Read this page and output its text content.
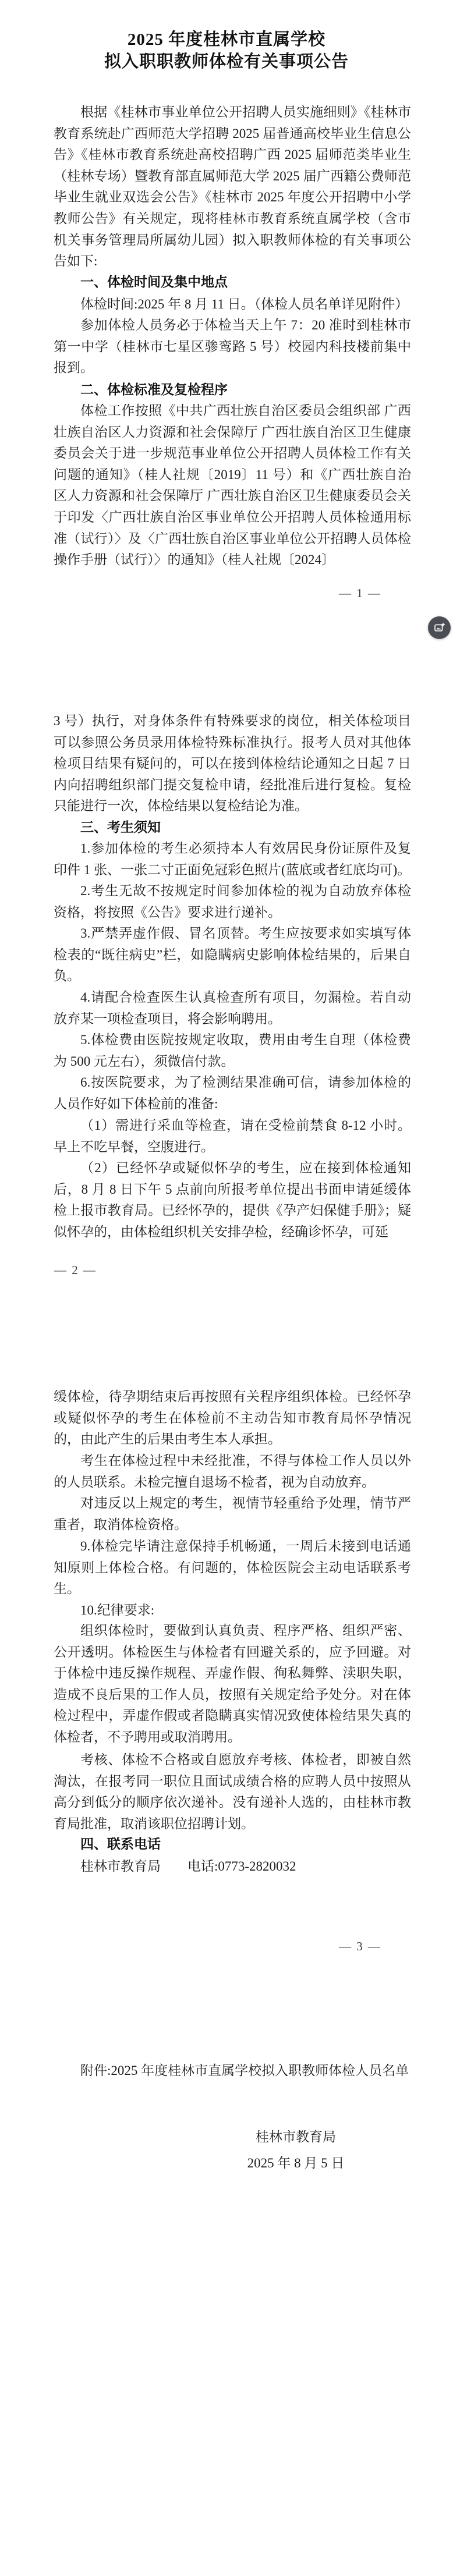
2025 年度桂林市直属学校
拟入职职教师体检有关事项公告
根据《桂林市事业单位公开招聘人员实施细则》《桂林市教育系统赴广西师范大学招聘 2025 届普通高校毕业生信息公告》《桂林市教育系统赴高校招聘广西 2025 届师范类毕业生（桂林专场）暨教育部直属师范大学 2025 届广西籍公费师范毕业生就业双选会公告》《桂林市 2025 年度公开招聘中小学教师公告》有关规定，现将桂林市教育系统直属学校（含市机关事务管理局所属幼儿园）拟入职教师体检的有关事项公告如下:
一、体检时间及集中地点
体检时间:2025 年 8 月 11 日。（体检人员名单详见附件）
参加体检人员务必于体检当天上午 7：20 准时到桂林市第一中学（桂林市七星区骖鸾路 5 号）校园内科技楼前集中报到。
二、体检标准及复检程序
体检工作按照《中共广西壮族自治区委员会组织部 广西壮族自治区人力资源和社会保障厅 广西壮族自治区卫生健康委员会关于进一步规范事业单位公开招聘人员体检工作有关问题的通知》（桂人社规〔2019〕11 号）和《广西壮族自治区人力资源和社会保障厅 广西壮族自治区卫生健康委员会关于印发〈广西壮族自治区事业单位公开招聘人员体检通用标准（试行）〉及〈广西壮族自治区事业单位公开招聘人员体检操作手册（试行）〉的通知》（桂人社规〔2024〕
— 1 —
3 号）执行，对身体条件有特殊要求的岗位，相关体检项目可以参照公务员录用体检特殊标准执行。报考人员对其他体检项目结果有疑问的，可以在接到体检结论通知之日起 7 日内向招聘组织部门提交复检申请，经批准后进行复检。复检只能进行一次，体检结果以复检结论为准。
三、考生须知
1.参加体检的考生必须持本人有效居民身份证原件及复印件 1 张、一张二寸正面免冠彩色照片(蓝底或者红底均可)。
2.考生无故不按规定时间参加体检的视为自动放弃体检资格，将按照《公告》要求进行递补。
3.严禁弄虚作假、冒名顶替。考生应按要求如实填写体检表的“既往病史”栏，如隐瞒病史影响体检结果的，后果自负。
4.请配合检查医生认真检查所有项目，勿漏检。若自动放弃某一项检查项目，将会影响聘用。
5.体检费由医院按规定收取，费用由考生自理（体检费为 500 元左右），须微信付款。
6.按医院要求，为了检测结果准确可信，请参加体检的人员作好如下体检前的准备:
（1）需进行采血等检查，请在受检前禁食 8-12 小时。早上不吃早餐，空腹进行。
（2）已经怀孕或疑似怀孕的考生，应在接到体检通知后，8 月 8 日下午 5 点前向所报考单位提出书面申请延缓体检上报市教育局。已经怀孕的，提供《孕产妇保健手册》；疑似怀孕的，由体检组织机关安排孕检，经确诊怀孕，可延
— 2 —
缓体检，待孕期结束后再按照有关程序组织体检。已经怀孕或疑似怀孕的考生在体检前不主动告知市教育局怀孕情况的，由此产生的后果由考生本人承担。
考生在体检过程中未经批准，不得与体检工作人员以外的人员联系。未检完擅自退场不检者，视为自动放弃。
对违反以上规定的考生，视情节轻重给予处理，情节严重者，取消体检资格。
9.体检完毕请注意保持手机畅通，一周后未接到电话通知原则上体检合格。有问题的，体检医院会主动电话联系考生。
10.纪律要求:
组织体检时，要做到认真负责、程序严格、组织严密、公开透明。体检医生与体检者有回避关系的，应予回避。对于体检中违反操作规程、弄虚作假、徇私舞弊、渎职失职，造成不良后果的工作人员，按照有关规定给予处分。对在体检过程中，弄虚作假或者隐瞒真实情况致使体检结果失真的体检者，不予聘用或取消聘用。
考核、体检不合格或自愿放弃考核、体检者，即被自然淘汰，在报考同一职位且面试成绩合格的应聘人员中按照从高分到低分的顺序依次递补。没有递补人选的，由桂林市教育局批准，取消该职位招聘计划。
四、联系电话
桂林市教育局　　电话:0773-2820032
— 3 —
附件:2025 年度桂林市直属学校拟入职教师体检人员名单
桂林市教育局
2025 年 8 月 5 日
